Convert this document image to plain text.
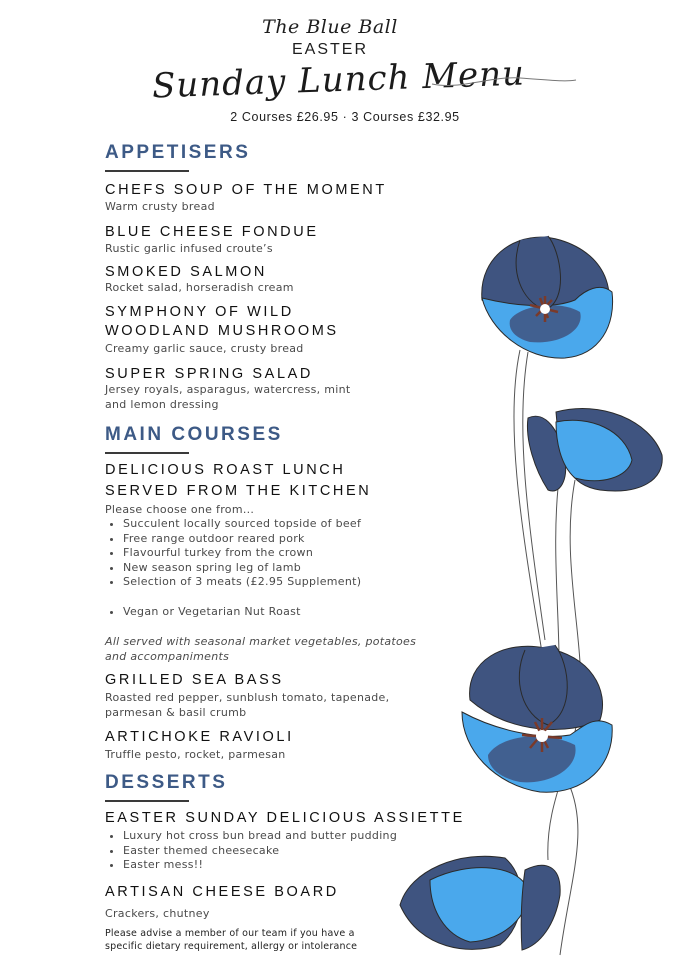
The Blue Ball
EASTER
Sunday Lunch Menu
2 Courses £26.95 · 3 Courses £32.95
APPETISERS
CHEFS SOUP OF THE MOMENT
Warm crusty bread
BLUE CHEESE FONDUE
Rustic garlic infused croute’s
SMOKED SALMON
Rocket salad, horseradish cream
SYMPHONY OF WILD
WOODLAND MUSHROOMS
Creamy garlic sauce, crusty bread
SUPER SPRING SALAD
Jersey royals, asparagus, watercress, mint
and lemon dressing
MAIN COURSES
DELICIOUS ROAST LUNCH
SERVED FROM THE KITCHEN
Please choose one from...
• Succulent locally sourced topside of beef
• Free range outdoor reared pork
• Flavourful turkey from the crown
• New season spring leg of lamb
• Selection of 3 meats (£2.95 Supplement)
• Vegan or Vegetarian Nut Roast
All served with seasonal market vegetables, potatoes
and accompaniments
GRILLED SEA BASS
Roasted red pepper, sunblush tomato, tapenade,
parmesan & basil crumb
ARTICHOKE RAVIOLI
Truffle pesto, rocket, parmesan
DESSERTS
EASTER SUNDAY DELICIOUS ASSIETTE
• Luxury hot cross bun bread and butter pudding
• Easter themed cheesecake
• Easter mess!!
ARTISAN CHEESE BOARD
Crackers, chutney
Please advise a member of our team if you have a
specific dietary requirement, allergy or intolerance
